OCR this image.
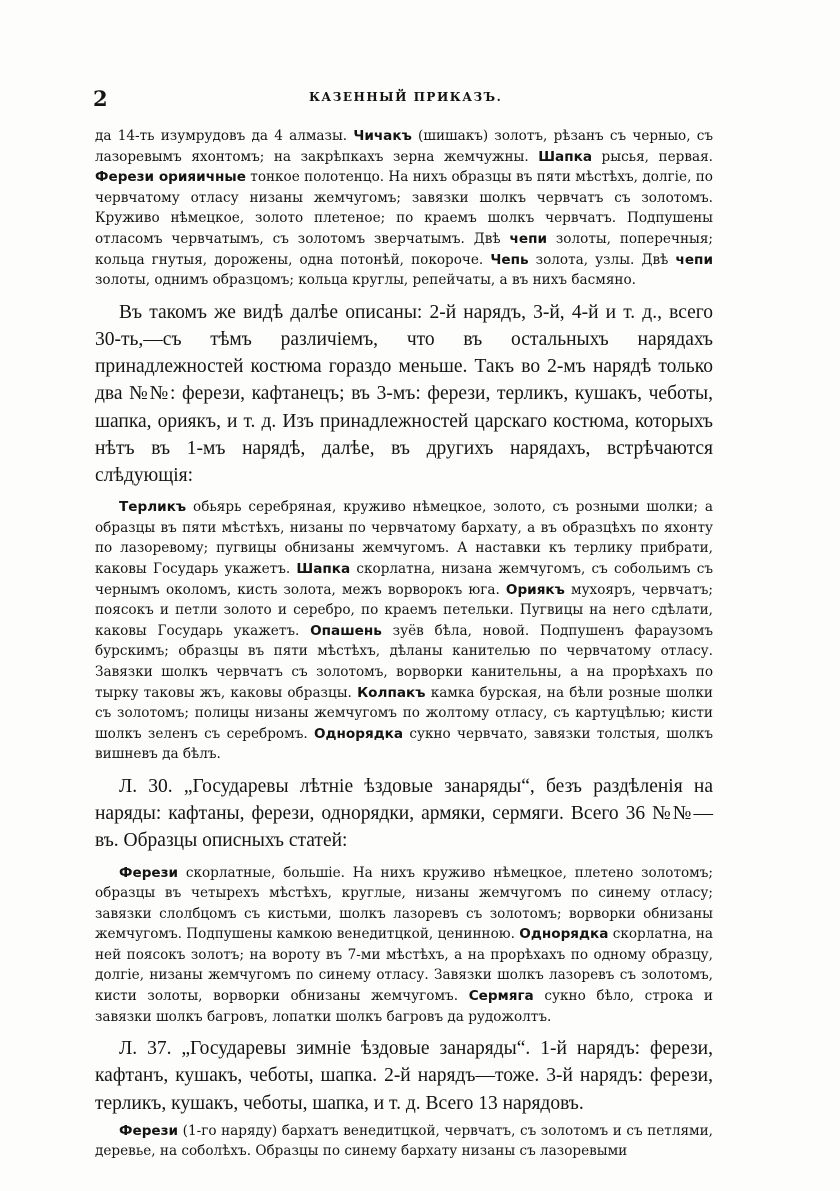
2	КАЗЕННЫЙ ПРИКАЗЪ.

да 14-ть изумрудовъ да 4 алмазы. Чичакъ (шишакъ) золотъ, рѣзанъ съ черныо, съ лазоревымъ яхонтомъ; на закрѣпкахъ зерна жемчужны. Шапка рысья, первая. Ферези орияичные тонкое полотенцо. На нихъ образцы въ пяти мѣстѣхъ, долгіе, по червчатому отласу низаны жемчугомъ; завязки шолкъ червчатъ съ золотомъ. Круживо нѣмецкое, золото плетеное; по краемъ шолкъ червчатъ. Подпушены отласомъ червчатымъ, съ золотомъ зверчатымъ. Двѣ чепи золоты, поперечныя; кольца гнутыя, дорожены, одна потонѣй, покороче. Чепь золота, узлы. Двѣ чепи золоты, однимъ образцомъ; кольца круглы, репейчаты, а въ нихъ басмяно.

Въ такомъ же видѣ далѣе описаны: 2-й нарядъ, 3-й, 4-й и т. д., всего 30-ть,—съ тѣмъ различіемъ, что въ остальныхъ нарядахъ принадлежностей костюма гораздо меньше. Такъ во 2-мъ нарядѣ только два №№: ферези, кафтанецъ; въ 3-мъ: ферези, терликъ, кушакъ, чеботы, шапка, ориякъ, и т. д. Изъ принадлежностей царскаго костюма, которыхъ нѣтъ въ 1-мъ нарядѣ, далѣе, въ другихъ нарядахъ, встрѣчаются слѣдующія:

Терликъ обьярь серебряная, круживо нѣмецкое, золото, съ розными шолки; а образцы въ пяти мѣстѣхъ, низаны по червчатому бархату, а въ образцѣхъ по яхонту по лазоревому; пугвицы обнизаны жемчугомъ. А наставки къ терлику прибрати, каковы Государь укажетъ. Шапка скорлатна, низана жемчугомъ, съ собольимъ съ чернымъ околомъ, кисть золота, межъ ворворокъ юга. Ориякъ мухояръ, червчатъ; поясокъ и петли золото и серебро, по краемъ петельки. Пугвицы на него сдѣлати, каковы Государь укажетъ. Опашень зуёв бѣла, новой. Подпушенъ фараузомъ бурскимъ; образцы въ пяти мѣстѣхъ, дѣланы канителью по червчатому отласу. Завязки шолкъ червчатъ съ золотомъ, ворворки канительны, а на прорѣхахъ по тырку таковы жъ, каковы образцы. Колпакъ камка бурская, на бѣли розные шолки съ золотомъ; полицы низаны жемчугомъ по жолтому отласу, съ картуцѣлью; кисти шолкъ зеленъ съ серебромъ. Однорядка сукно червчато, завязки толстыя, шолкъ вишневъ да бѣлъ.

Л. 30. „Государевы лѣтніе ѣздовые занаряды“, безъ раздѣленія на наряды: кафтаны, ферези, однорядки, армяки, сермяги. Всего 36 №№—въ. Образцы описныхъ статей:

Ферези скорлатные, большіе. На нихъ круживо нѣмецкое, плетено золотомъ; образцы въ четырехъ мѣстѣхъ, круглые, низаны жемчугомъ по синему отласу; завязки слолбцомъ съ кистьми, шолкъ лазоревъ съ золотомъ; ворворки обнизаны жемчугомъ. Подпушены камкою венедитцкой, ценинною. Однорядка скорлатна, на ней поясокъ золотъ; на вороту въ 7-ми мѣстѣхъ, а на прорѣхахъ по одному образцу, долгіе, низаны жемчугомъ по синему отласу. Завязки шолкъ лазоревъ съ золотомъ, кисти золоты, ворворки обнизаны жемчугомъ. Сермяга сукно бѣло, строка и завязки шолкъ багровъ, лопатки шолкъ багровъ да рудожолтъ.

Л. 37. „Государевы зимніе ѣздовые занаряды“. 1-й нарядъ: ферези, кафтанъ, кушакъ, чеботы, шапка. 2-й нарядъ—тоже. 3-й нарядъ: ферези, терликъ, кушакъ, чеботы, шапка, и т. д. Всего 13 нарядовъ.

Ферези (1-го наряду) бархатъ венедитцкой, червчатъ, съ золотомъ и съ петлями, деревье, на соболѣхъ. Образцы по синему бархату низаны съ лазоревыми
